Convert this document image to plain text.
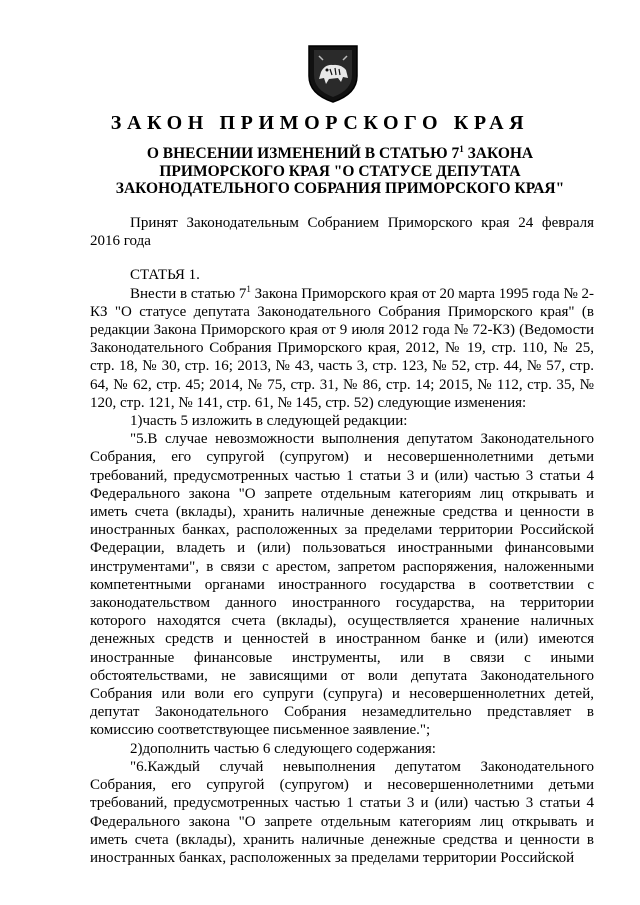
ЗАКОН ПРИМОРСКОГО КРАЯ
О ВНЕСЕНИИ ИЗМЕНЕНИЙ В СТАТЬЮ $7^1$ ЗАКОНА
ПРИМОРСКОГО КРАЯ "О СТАТУСЕ ДЕПУТАТА
ЗАКОНОДАТЕЛЬНОГО СОБРАНИЯ ПРИМОРСКОГО КРАЯ"

Принят Законодательным Собранием Приморского края 24 февраля 2016 года

СТАТЬЯ 1.

Внести в статью $7^1$ Закона Приморского края от 20 марта 1995 года № 2-КЗ "О статусе депутата Законодательного Собрания Приморского края" (в редакции Закона Приморского края от 9 июля 2012 года № 72-КЗ) (Ведомости Законодательного Собрания Приморского края, 2012, № 19, стр. 110, № 25, стр. 18, № 30, стр. 16; 2013, № 43, часть 3, стр. 123, № 52, стр. 44, № 57, стр. 64, № 62, стр. 45; 2014, № 75, стр. 31, № 86, стр. 14; 2015, № 112, стр. 35, № 120, стр. 121, № 141, стр. 61, № 145, стр. 52) следующие изменения:

1)часть 5 изложить в следующей редакции:

"5.В случае невозможности выполнения депутатом Законодательного Собрания, его супругой (супругом) и несовершеннолетними детьми требований, предусмотренных частью 1 статьи 3 и (или) частью 3 статьи 4 Федерального закона "О запрете отдельным категориям лиц открывать и иметь счета (вклады), хранить наличные денежные средства и ценности в иностранных банках, расположенных за пределами территории Российской Федерации, владеть и (или) пользоваться иностранными финансовыми инструментами", в связи с арестом, запретом распоряжения, наложенными компетентными органами иностранного государства в соответствии с законодательством данного иностранного государства, на территории которого находятся счета (вклады), осуществляется хранение наличных денежных средств и ценностей в иностранном банке и (или) имеются иностранные финансовые инструменты, или в связи с иными обстоятельствами, не зависящими от воли депутата Законодательного Собрания или воли его супруги (супруга) и несовершеннолетних детей, депутат Законодательного Собрания незамедлительно представляет в комиссию соответствующее письменное заявление.";

2)дополнить частью 6 следующего содержания:

"6.Каждый случай невыполнения депутатом Законодательного Собрания, его супругой (супругом) и несовершеннолетними детьми требований, предусмотренных частью 1 статьи 3 и (или) частью 3 статьи 4 Федерального закона "О запрете отдельным категориям лиц открывать и иметь счета (вклады), хранить наличные денежные средства и ценности в иностранных банках, расположенных за пределами территории Российской
